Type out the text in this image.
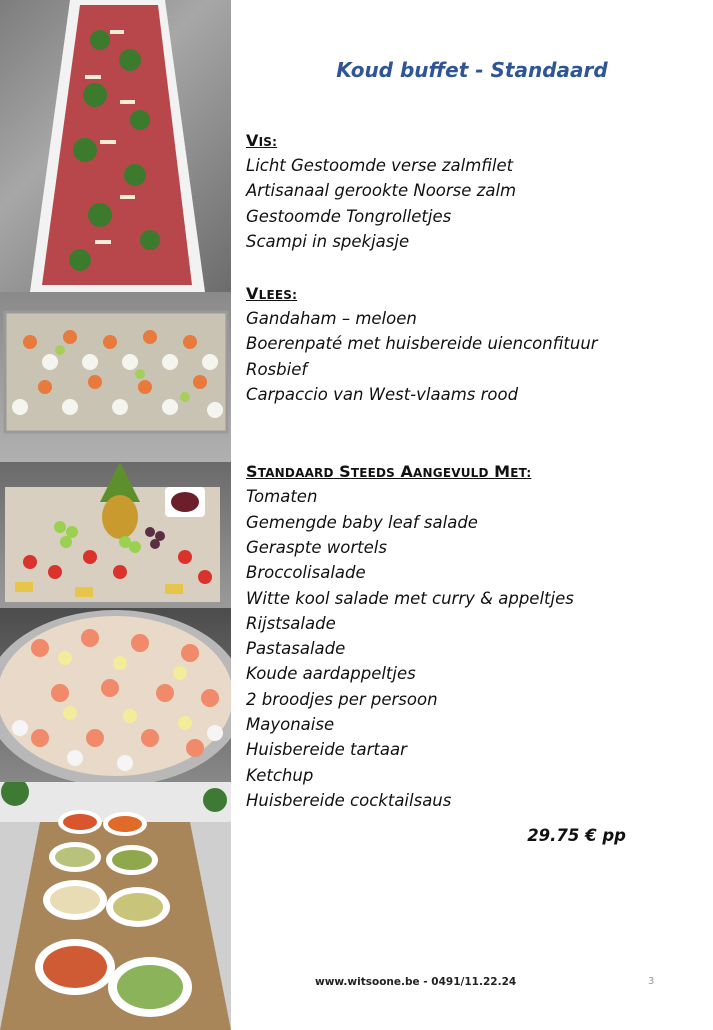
Koud buffet - Standaard
VIS:
Licht Gestoomde verse zalmfilet
Artisanaal gerookte Noorse zalm
Gestoomde Tongrolletjes
Scampi in spekjasje
VLEES:
Gandaham – meloen
Boerenpaté met huisbereide uienconfituur
Rosbief
Carpaccio van West-vlaams rood
STANDAARD STEEDS AANGEVULD MET:
Tomaten
Gemengde baby leaf salade
Geraspte wortels
Broccolisalade
Witte kool salade met curry & appeltjes
Rijstsalade
Pastasalade
Koude aardappeltjes
2 broodjes per persoon
Mayonaise
Huisbereide tartaar
Ketchup
Huisbereide cocktailsaus
29.75 € pp
www.witsoone.be - 0491/11.22.24	3
